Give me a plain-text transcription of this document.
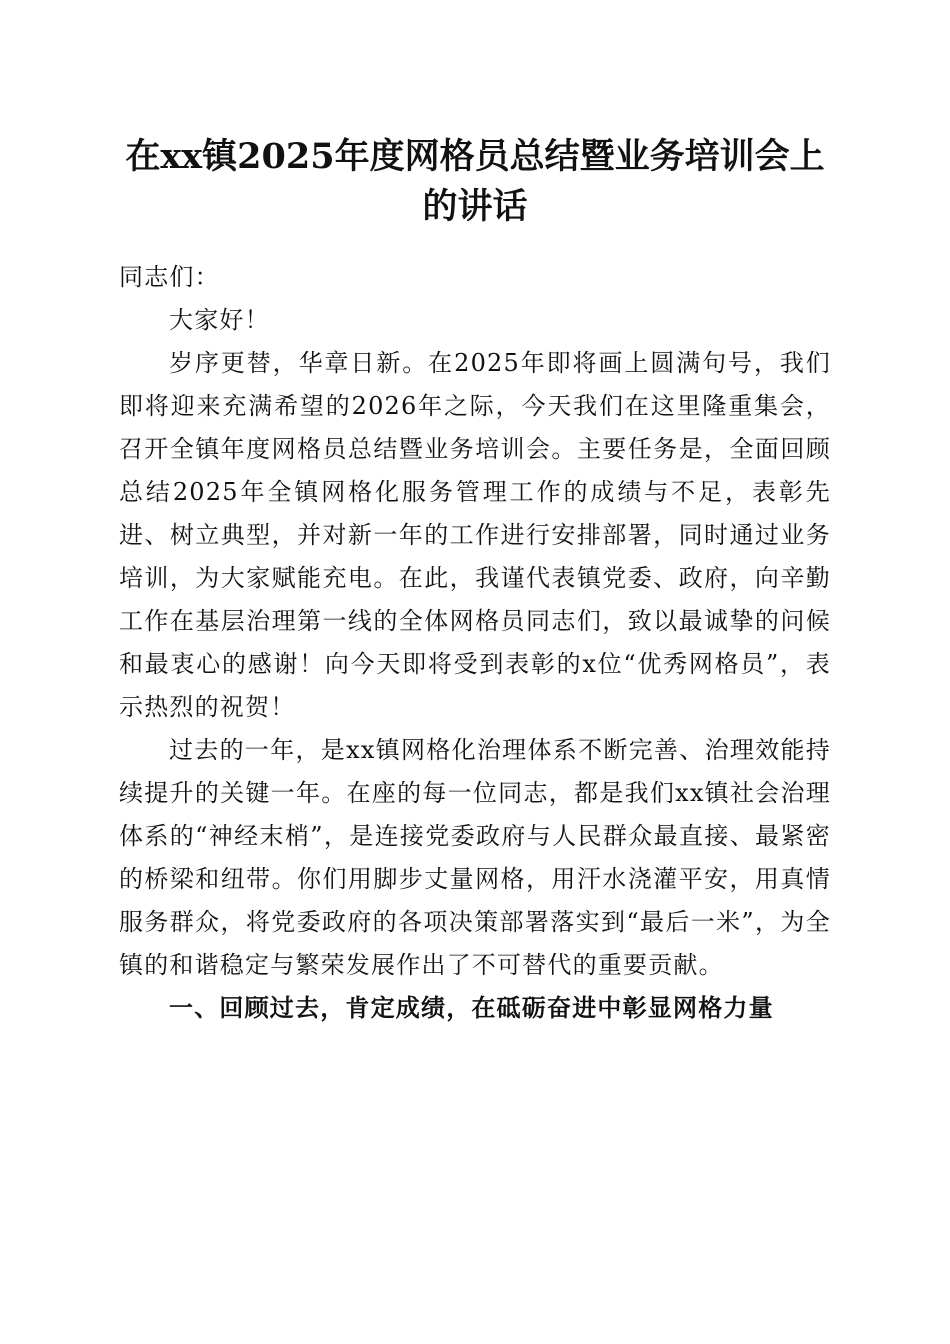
在xx镇2025年度网格员总结暨业务培训会上
的讲话

同志们：

大家好！

岁序更替，华章日新。在2025年即将画上圆满句号，我们即将迎来充满希望的2026年之际，今天我们在这里隆重集会，召开全镇年度网格员总结暨业务培训会。主要任务是，全面回顾总结2025年全镇网格化服务管理工作的成绩与不足，表彰先进、树立典型，并对新一年的工作进行安排部署，同时通过业务培训，为大家赋能充电。在此，我谨代表镇党委、政府，向辛勤工作在基层治理第一线的全体网格员同志们，致以最诚挚的问候和最衷心的感谢！向今天即将受到表彰的x位“优秀网格员”，表示热烈的祝贺！

过去的一年，是xx镇网格化治理体系不断完善、治理效能持续提升的关键一年。在座的每一位同志，都是我们xx镇社会治理体系的“神经末梢”，是连接党委政府与人民群众最直接、最紧密的桥梁和纽带。你们用脚步丈量网格，用汗水浇灌平安，用真情服务群众，将党委政府的各项决策部署落实到“最后一米”，为全镇的和谐稳定与繁荣发展作出了不可替代的重要贡献。

一、回顾过去，肯定成绩，在砥砺奋进中彰显网格力量
